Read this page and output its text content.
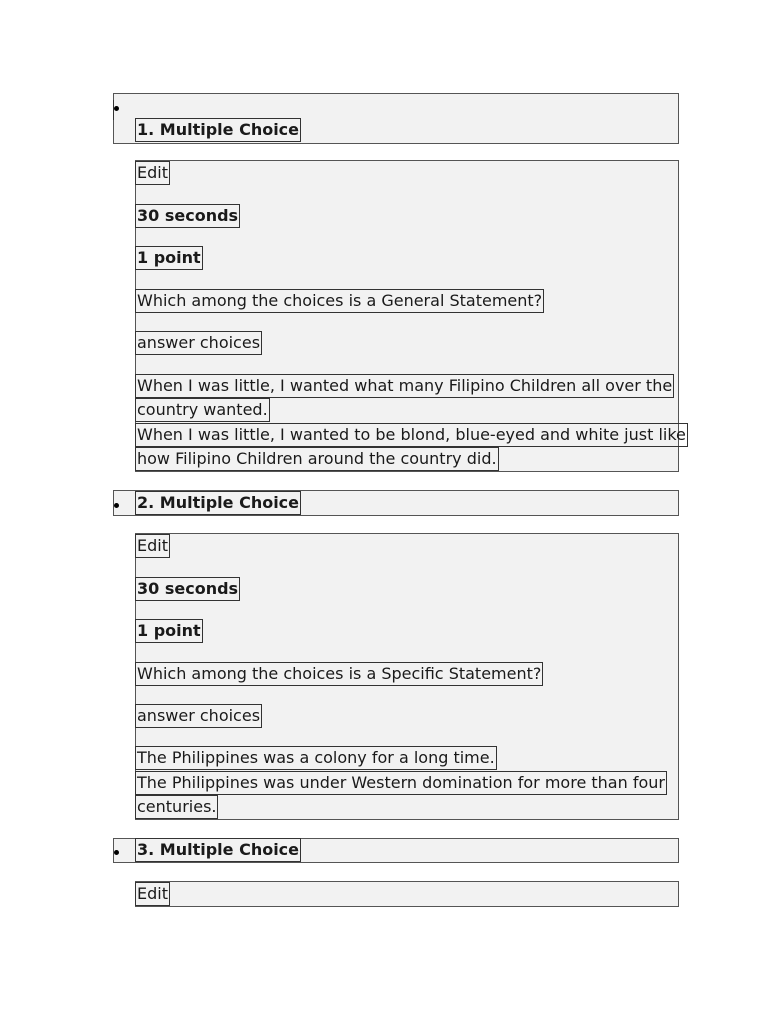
1. Multiple Choice
Edit
30 seconds
1 point
Which among the choices is a General Statement?
answer choices
When I was little, I wanted what many Filipino Children all over the
country wanted.
When I was little, I wanted to be blond, blue-eyed and white just like
how Filipino Children around the country did.
2. Multiple Choice
Edit
30 seconds
1 point
Which among the choices is a Specific Statement?
answer choices
The Philippines was a colony for a long time.
The Philippines was under Western domination for more than four
centuries.
3. Multiple Choice
Edit
